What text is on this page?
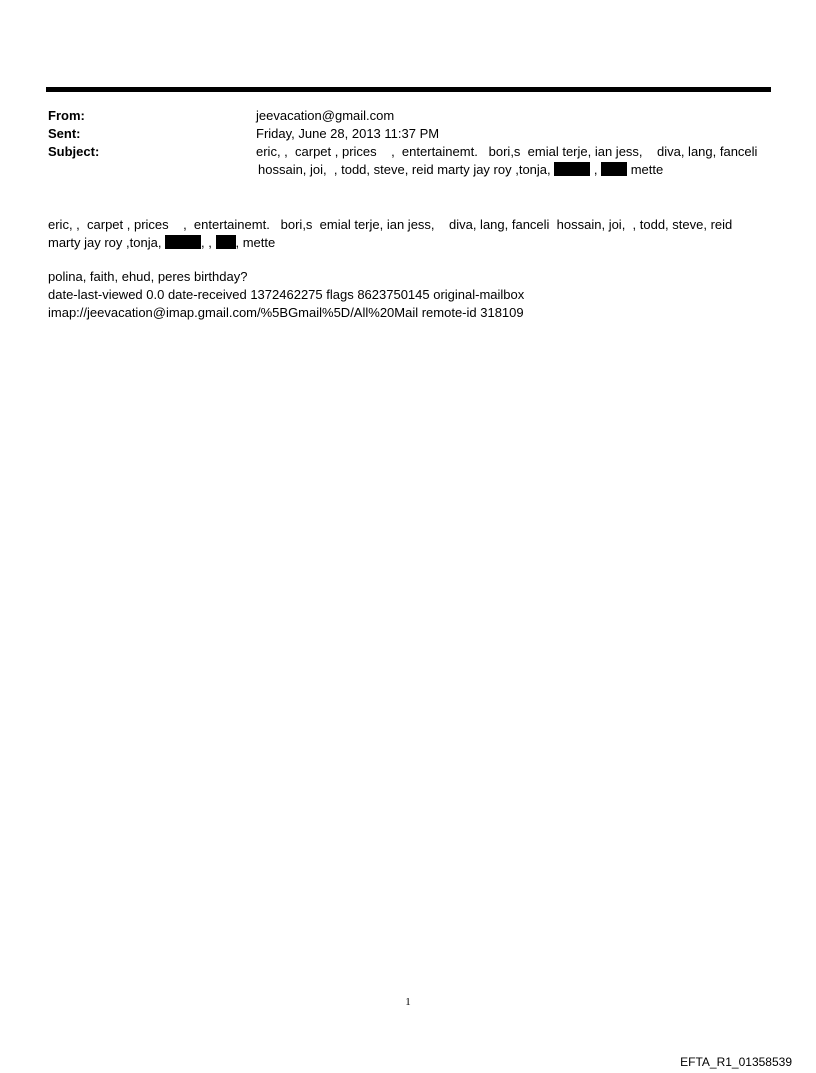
From:	jeevacation@gmail.com
Sent:	Friday, June 28, 2013 11:37 PM
Subject:	eric, ,  carpet , prices    ,  entertainemt.   bori,s  emial terje, ian jess,    diva, lang, fanceli
hossain, joi,  , todd, steve, reid marty jay roy ,tonja,	,  mette

eric, ,  carpet , prices    ,  entertainemt.   bori,s  emial terje, ian jess,    diva, lang, fanceli  hossain, joi,  , todd, steve, reid

marty jay roy ,tonja,	, , , mette

polina, faith, ehud, peres birthday?

date-last-viewed 0.0 date-received 1372462275 flags 8623750145 original-mailbox

imap://jeevacation@imap.gmail.com/%5BGmail%5D/All%20Mail remote-id 318109

1
EFTA_R1_01358539
